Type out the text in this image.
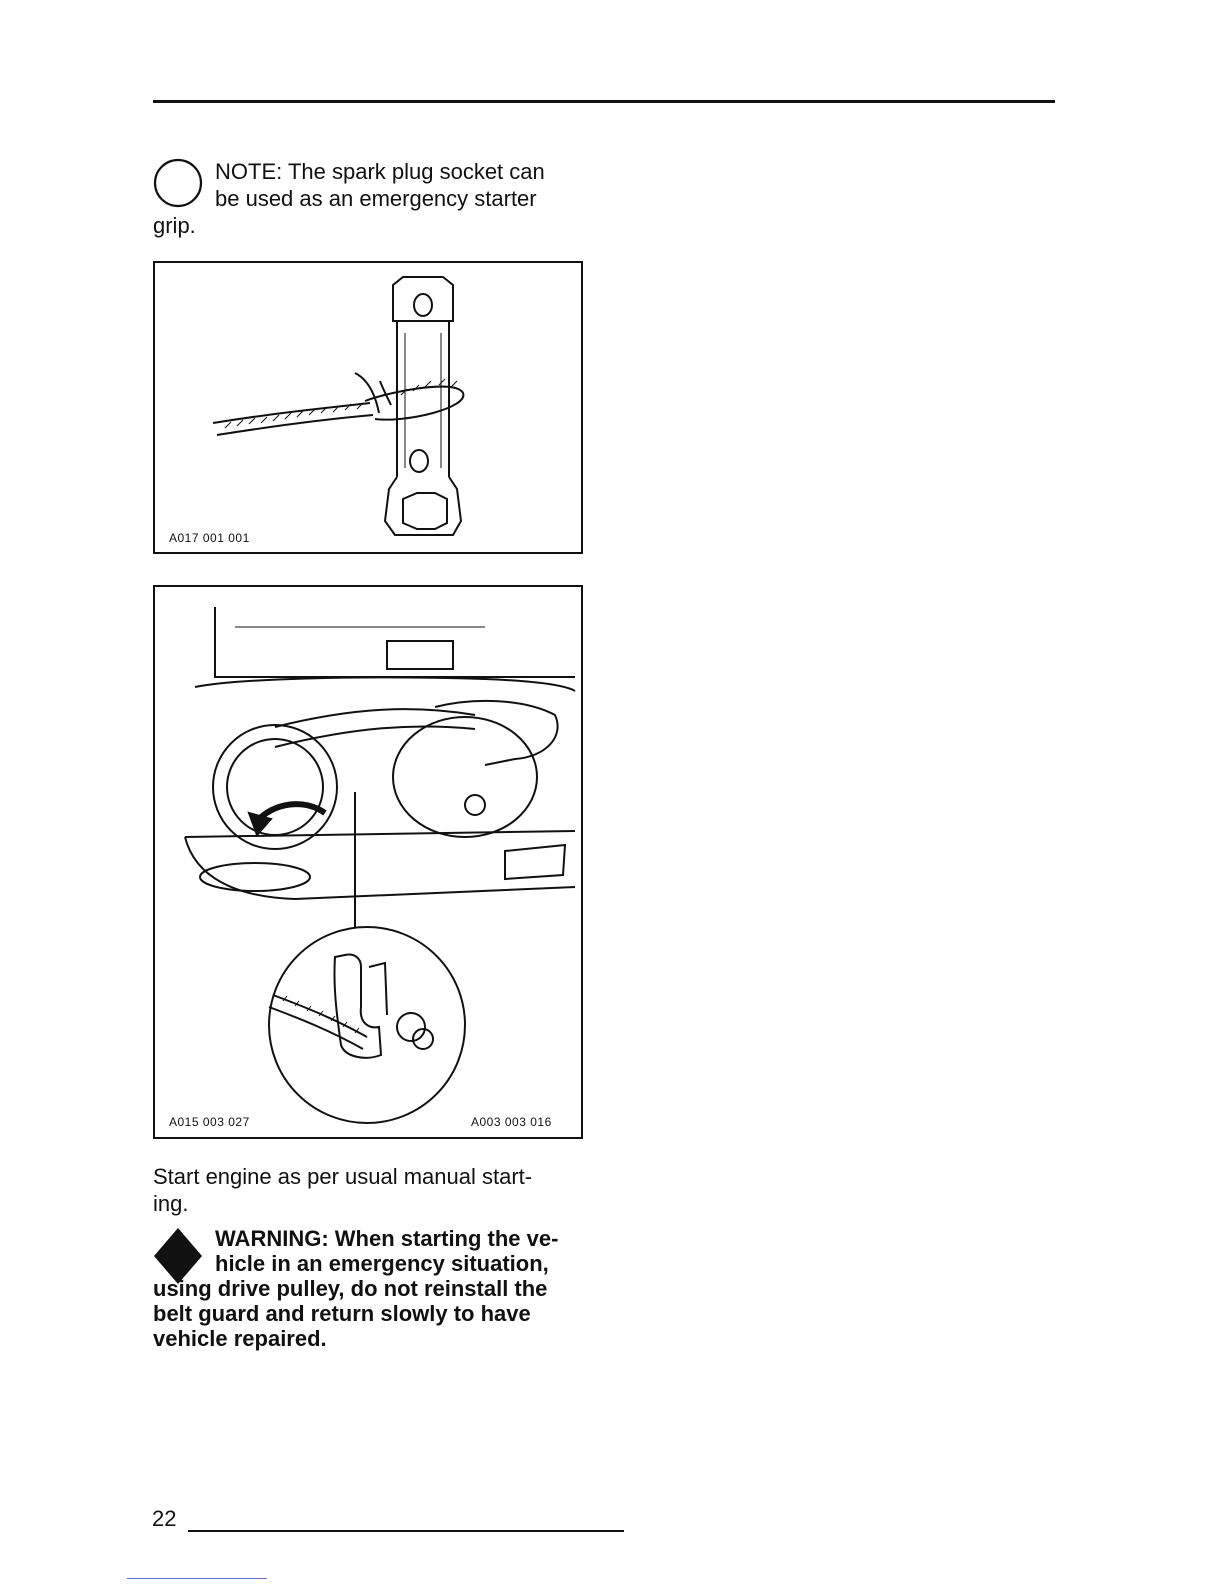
NOTE: The spark plug socket can
be used as an emergency starter
grip.
A017 001 001
A015 003 027	A003 003 016
Start engine as per usual manual start-
ing.
WARNING: When starting the ve-
hicle in an emergency situation,
using drive pulley, do not reinstall the
belt guard and return slowly to have
vehicle repaired.
22
